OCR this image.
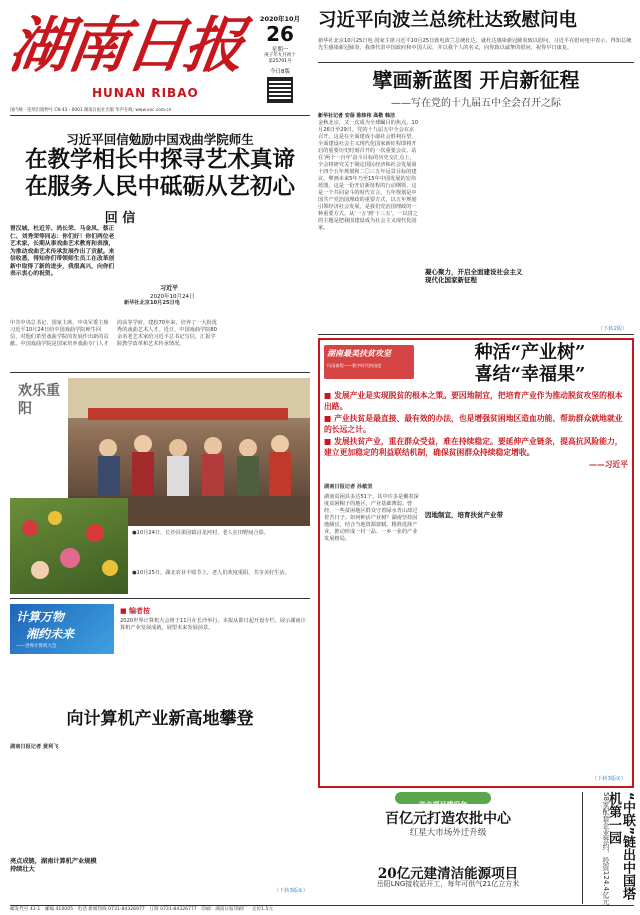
湖南日报
HUNAN RIBAO
2020年10月
26
星期一
庚子年九月初十
第25701号
今日8版
国内统一连续出版物号 CN 43 - 0001 湖南日报社出版 华声在线: www.voc.com.cn
习近平向波兰总统杜达致慰问电
新华社北京10月25日电 国家主席习近平10月25日致电波兰总统杜达，就杜达感染新冠肺炎致以慰问。习近平在慰问电中表示，得知总统先生感染新冠肺炎，我谨代表中国政府和中国人民，并以我个人的名义，向你致以诚挚的慰问，祝你早日康复。
擘画新蓝图 开启新征程
——写在党的十九届五中全会召开之际
新华社记者 安蓓 陈炜伟 高敬 韩洁
金秋北京，又一次成为全球瞩目的焦点。10月26日至29日，党的十九届五中全会在京召开。这是在全面建成小康社会胜利在望、全面建设社会主义现代化国家新征程即将开启的重要历史时刻召开的一次重要会议。站在‘两个一百年’奋斗目标的历史交汇点上，全会将研究关于制定国民经济和社会发展第十四个五年规划和二〇三五年远景目标的建议，擘画未来5年乃至15年中国发展的宏伟蓝图。这是一份开启新征程的行动纲领，这是一个共同奋斗的时代宣言。五年规划是中国共产党治国理政的重要方式，以五年规划引领经济社会发展，是我们党治国理政的一种重要方式。从‘一五’到‘十三五’，一以贯之的主题是把我国建设成为社会主义现代化国家。
凝心聚力，开启全面建设社会主义现代化国家新征程
（下转2版）
习近平回信勉励中国戏曲学院师生
在教学相长中探寻艺术真谛
在服务人民中砥砺从艺初心
回 信
曾汉城、杜近芳、尚长荣、马金凤、蔡正仁、刘秀荣等同志：你们好！你们两位老艺术家，长期从事戏曲艺术教育和表演，为推动戏曲艺术传承发展作出了贡献。来信收悉，得知你们带领师生员工在改革创新中取得了新的进步，我很高兴，向你们表示衷心的祝贺。
习近平
2020年10月24日
新华社北京10月25日电
中共中央总书记、国家主席、中央军委主席习近平10月24日给中国戏曲学院师生回信，对他们希望戏曲学院的发展作出新的贡献。中国戏曲学院是国家培养戏曲专门人才的高等学府，建校70年来，培养了一大批优秀的戏曲艺术人才。近日，中国戏曲学院80余名老艺术家给习近平总书记写信，汇报学院教学改革和艺术传承情况。
欢乐重阳
●10月24日，长沙县果园镇浔龙河村，老人在田野间合影。
●10月25日，湖北农业丰收节上，老人们欢度重阳，共享美好生活。
湖南最美扶贫攻坚
风雨兼程——数字时代的国度
种活“产业树”
喜结“幸福果”
■ 发展产业是实现脱贫的根本之策。要因地制宜，把培育产业作为推动脱贫攻坚的根本出路。
■ 产业扶贫是最直接、最有效的办法，也是增强贫困地区造血功能、帮助群众就地就业的长远之计。
■ 发展扶贫产业，重在群众受益，难在持续稳定。要延伸产业链条，提高抗风险能力，建立更加稳定的利益联结机制，确保贫困群众持续稳定增收。
——习近平
湖南日报记者 孙敏坚
因地制宜，培育扶贫产业带
湖南贫困县多达51个，其中许多是戴着深度贫困帽子的地区，产业基础薄弱。曾经，一些贫困地区群众守着绿水青山却过着苦日子。如何种活产业树？湖南坚持因地制宜，结合当地资源禀赋，精准选择产业，推动形成一村一品、一乡一业的产业发展格局。
（下转3版①）
计算万物
湘约未来
——世界计算机大会
■ 编者按
2020世界计算机大会将于11月在长沙举行。本报从即日起开设专栏，展示湖南计算机产业发展成就，展望未来发展前景。
向计算机产业新高地攀登
湖南日报记者 黄利飞
亮点成链，湖南计算机产业规模持续壮大
（下转3版②）
产业项目建设年
百亿元打造农批中心
红星大市场外迁升级
20亿元建清洁能源项目
岳阳LNG接收站开工，每年可供气21亿立方米	“中联”链出中国塔机第一园
58家配套企业签约，投资124.4亿元
邮发代号 41-1　邮编 410005　电话 新闻热线 0731-84326977　订阅 0731-84326777　印刷：湖南日报印刷厂　定价1.5元
